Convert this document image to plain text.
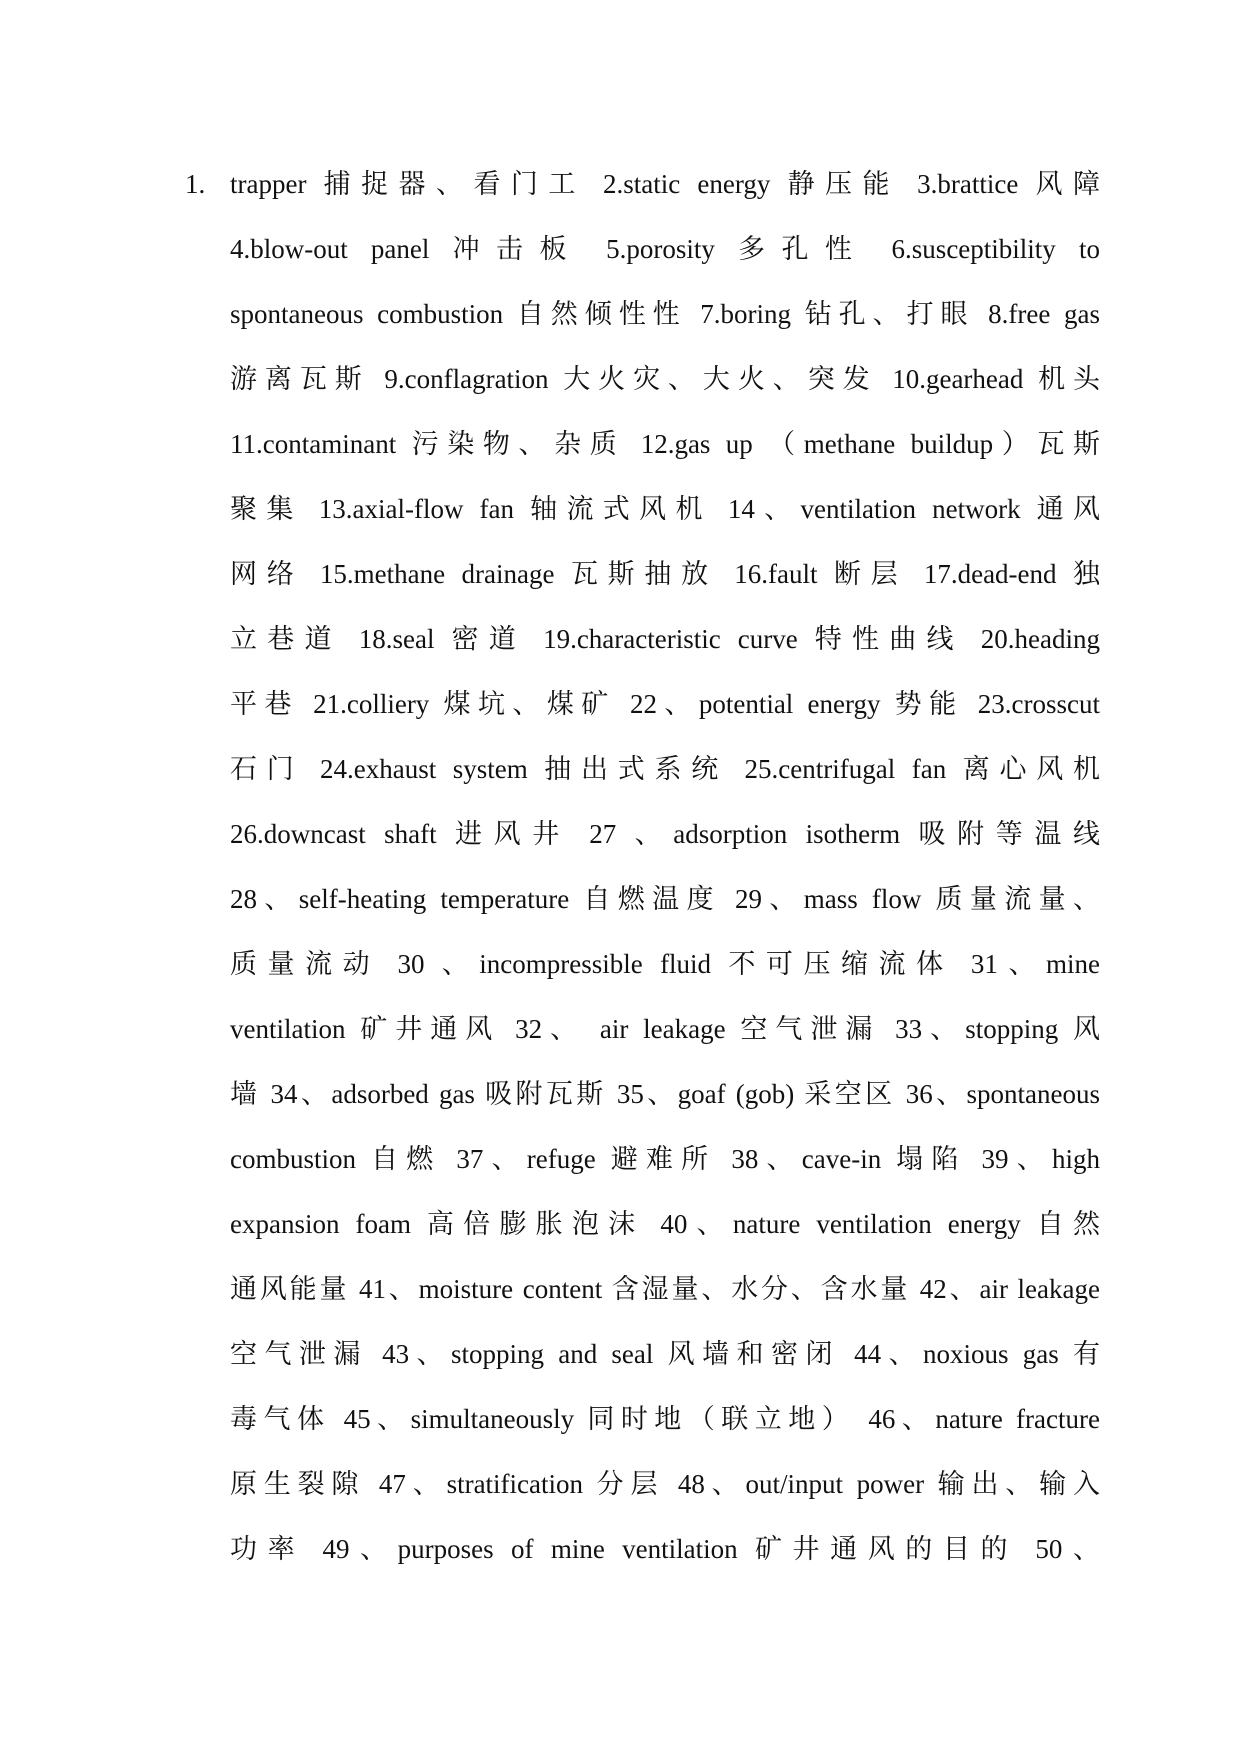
1. trapper 捕捉器、看门工 2.static energy 静压能 3.brattice 风障
4.blow-out panel 冲击板 5.porosity 多孔性 6.susceptibility to
spontaneous combustion 自然倾性性 7.boring 钻孔、打眼 8.free gas
游离瓦斯 9.conflagration 大火灾、大火、突发 10.gearhead 机头
11.contaminant 污染物、杂质 12.gas up （methane buildup）瓦斯
聚集 13.axial-flow fan 轴流式风机 14、ventilation network 通风
网络 15.methane drainage 瓦斯抽放 16.fault 断层 17.dead-end 独
立巷道 18.seal 密道 19.characteristic curve 特性曲线 20.heading
平巷 21.colliery 煤坑、煤矿 22、potential energy 势能 23.crosscut
石门 24.exhaust system 抽出式系统 25.centrifugal fan 离心风机
26.downcast shaft 进风井 27 、adsorption isotherm 吸附等温线
28、self-heating temperature 自燃温度 29、mass flow 质量流量、
质量流动 30 、incompressible fluid 不可压缩流体 31、mine
ventilation 矿井通风 32、 air leakage 空气泄漏 33、stopping 风
墙 34、adsorbed gas 吸附瓦斯 35、goaf (gob) 采空区 36、spontaneous
combustion 自燃 37、refuge 避难所 38、cave-in 塌陷 39、high
expansion foam 高倍膨胀泡沫 40、nature ventilation energy 自然
通风能量 41、moisture content 含湿量、水分、含水量 42、air leakage
空气泄漏 43、stopping and seal 风墙和密闭 44、noxious gas 有
毒气体 45、simultaneously 同时地（联立地） 46、nature fracture
原生裂隙 47、stratification 分层 48、out/input power 输出、输入
功率 49、purposes of mine ventilation 矿井通风的目的 50、
